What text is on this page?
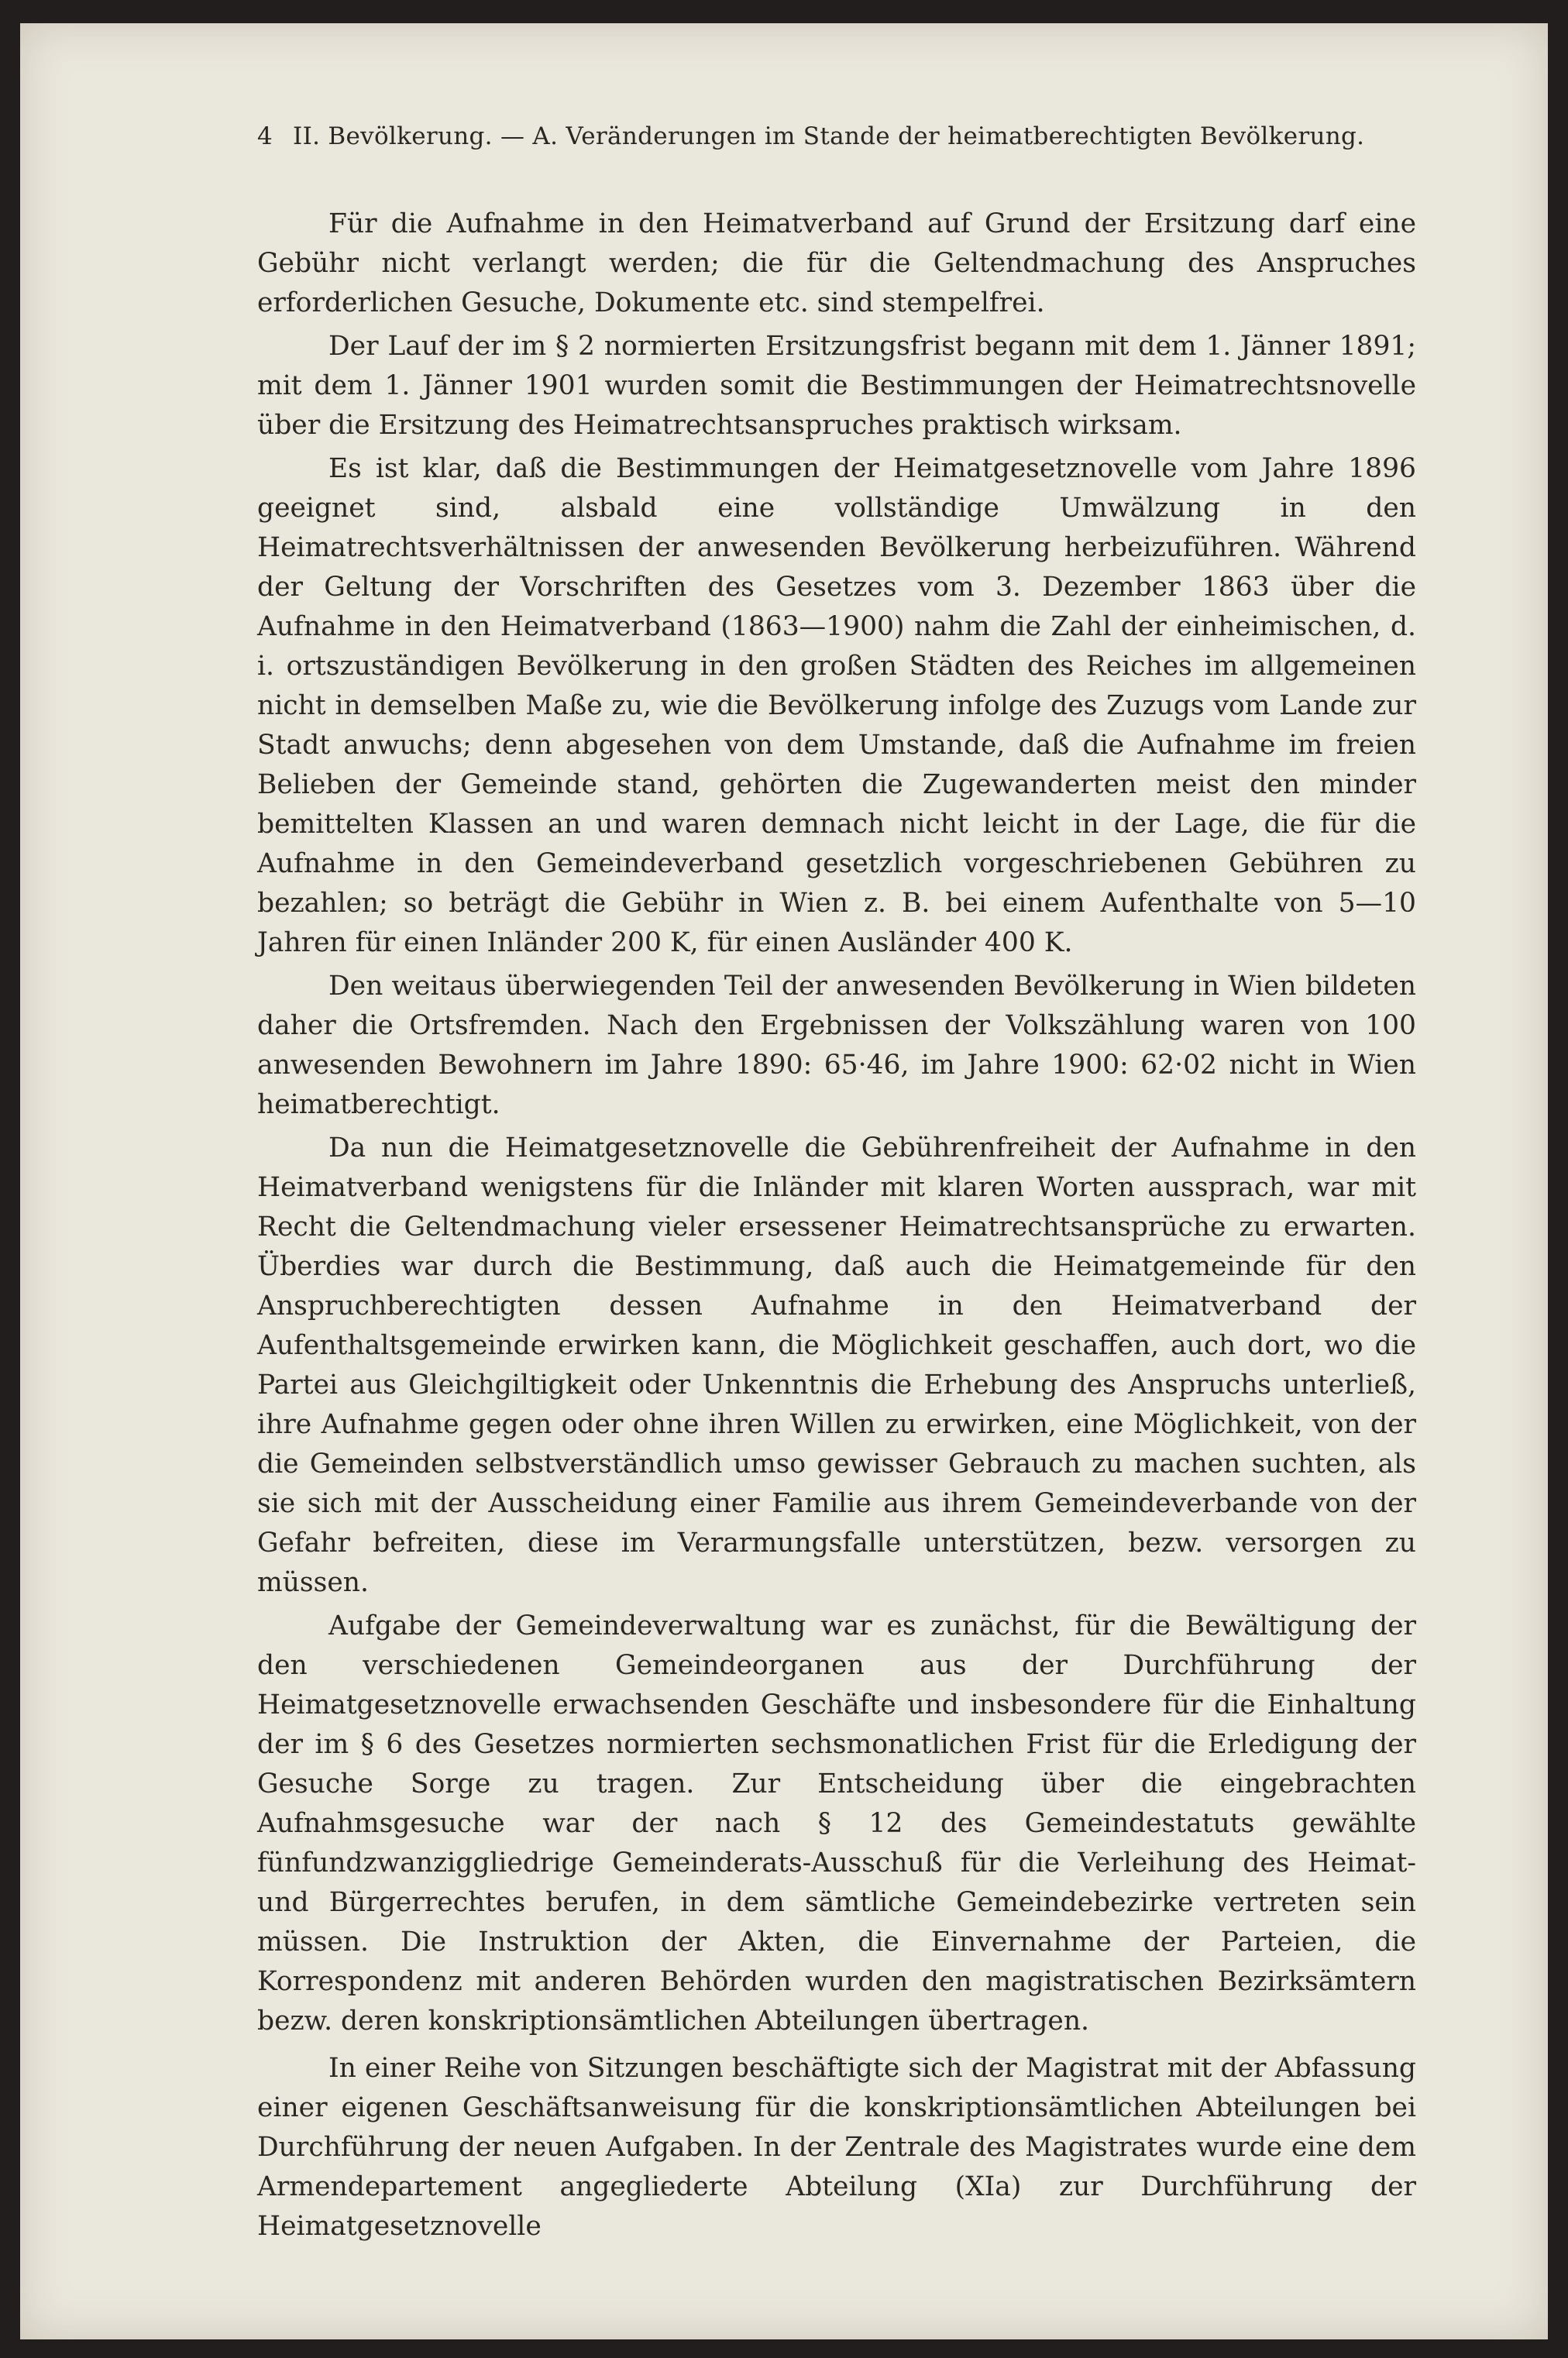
4 II. Bevölkerung. — A. Veränderungen im Stande der heimatberechtigten Bevölkerung.

Für die Aufnahme in den Heimatverband auf Grund der Ersitzung darf eine Gebühr nicht verlangt werden; die für die Geltendmachung des Anspruches erforderlichen Gesuche, Dokumente etc. sind stempelfrei.

Der Lauf der im § 2 normierten Ersitzungsfrist begann mit dem 1. Jänner 1891; mit dem 1. Jänner 1901 wurden somit die Bestimmungen der Heimatrechtsnovelle über die Ersitzung des Heimatrechtsanspruches praktisch wirksam.

Es ist klar, daß die Bestimmungen der Heimatgesetznovelle vom Jahre 1896 geeignet sind, alsbald eine vollständige Umwälzung in den Heimatrechtsverhältnissen der anwesenden Bevölkerung herbeizuführen. Während der Geltung der Vorschriften des Gesetzes vom 3. Dezember 1863 über die Aufnahme in den Heimatverband (1863—1900) nahm die Zahl der einheimischen, d. i. ortszuständigen Bevölkerung in den großen Städten des Reiches im allgemeinen nicht in demselben Maße zu, wie die Bevölkerung infolge des Zuzugs vom Lande zur Stadt anwuchs; denn abgesehen von dem Umstande, daß die Aufnahme im freien Belieben der Gemeinde stand, gehörten die Zugewanderten meist den minder bemittelten Klassen an und waren demnach nicht leicht in der Lage, die für die Aufnahme in den Gemeindeverband gesetzlich vorgeschriebenen Gebühren zu bezahlen; so beträgt die Gebühr in Wien z. B. bei einem Aufenthalte von 5—10 Jahren für einen Inländer 200 K, für einen Ausländer 400 K.

Den weitaus überwiegenden Teil der anwesenden Bevölkerung in Wien bildeten daher die Ortsfremden. Nach den Ergebnissen der Volkszählung waren von 100 anwesenden Bewohnern im Jahre 1890: 65·46, im Jahre 1900: 62·02 nicht in Wien heimatberechtigt.

Da nun die Heimatgesetznovelle die Gebührenfreiheit der Aufnahme in den Heimatverband wenigstens für die Inländer mit klaren Worten aussprach, war mit Recht die Geltendmachung vieler ersessener Heimatrechtsansprüche zu erwarten. Überdies war durch die Bestimmung, daß auch die Heimatgemeinde für den Anspruchberechtigten dessen Aufnahme in den Heimatverband der Aufenthaltsgemeinde erwirken kann, die Möglichkeit geschaffen, auch dort, wo die Partei aus Gleichgiltigkeit oder Unkenntnis die Erhebung des Anspruchs unterließ, ihre Aufnahme gegen oder ohne ihren Willen zu erwirken, eine Möglichkeit, von der die Gemeinden selbstverständlich umso gewisser Gebrauch zu machen suchten, als sie sich mit der Ausscheidung einer Familie aus ihrem Gemeindeverbande von der Gefahr befreiten, diese im Verarmungsfalle unterstützen, bezw. versorgen zu müssen.

Aufgabe der Gemeindeverwaltung war es zunächst, für die Bewältigung der den verschiedenen Gemeindeorganen aus der Durchführung der Heimatgesetznovelle erwachsenden Geschäfte und insbesondere für die Einhaltung der im § 6 des Gesetzes normierten sechsmonatlichen Frist für die Erledigung der Gesuche Sorge zu tragen. Zur Entscheidung über die eingebrachten Aufnahmsgesuche war der nach § 12 des Gemeindestatuts gewählte fünfundzwanziggliedrige Gemeinderats-Ausschuß für die Verleihung des Heimat- und Bürgerrechtes berufen, in dem sämtliche Gemeindebezirke vertreten sein müssen. Die Instruktion der Akten, die Einvernahme der Parteien, die Korrespondenz mit anderen Behörden wurden den magistratischen Bezirksämtern bezw. deren konskriptionsämtlichen Abteilungen übertragen.

In einer Reihe von Sitzungen beschäftigte sich der Magistrat mit der Abfassung einer eigenen Geschäftsanweisung für die konskriptionsämtlichen Abteilungen bei Durchführung der neuen Aufgaben. In der Zentrale des Magistrates wurde eine dem Armendepartement angegliederte Abteilung (XIa) zur Durchführung der Heimatgesetznovelle
